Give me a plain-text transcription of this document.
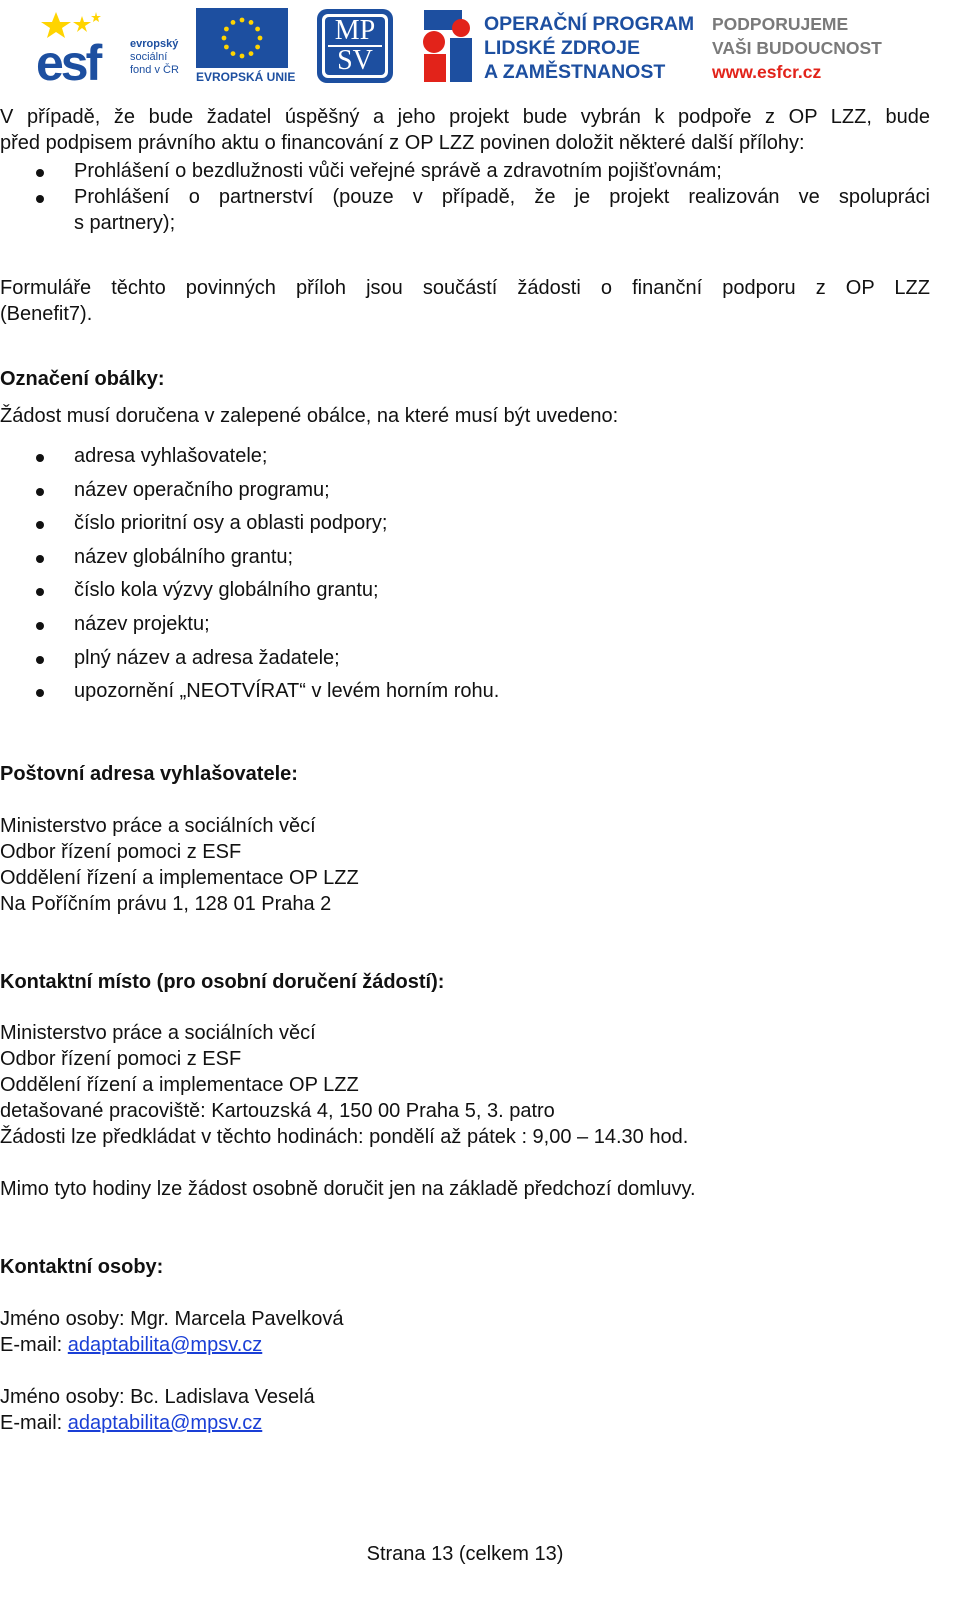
esf	evropský
sociální
fond v ČR EVROPSKÁ UNIE
MP
SV
OPERAČNÍ PROGRAM
LIDSKÉ ZDROJE
A ZAMĚSTNANOST
PODPORUJEME
VAŠI BUDOUCNOST
www.esfcr.cz
V případě, že bude žadatel úspěšný a jeho projekt bude vybrán k podpoře z OP LZZ, bude
před podpisem právního aktu o financování z OP LZZ povinen doložit některé další přílohy:
Prohlášení o bezdlužnosti vůči veřejné správě a zdravotním pojišťovnám;
Prohlášení o partnerství (pouze v případě, že je projekt realizován ve spolupráci
s partnery);
Formuláře těchto povinných příloh jsou součástí žádosti o finanční podporu z OP LZZ
(Benefit7).
Označení obálky:
Žádost musí doručena v zalepené obálce, na které musí být uvedeno:
adresa vyhlašovatele;
název operačního programu;
číslo prioritní osy a oblasti podpory;
název globálního grantu;
číslo kola výzvy globálního grantu;
název projektu;
plný název a adresa žadatele;
upozornění „NEOTVÍRAT“ v levém horním rohu.
Poštovní adresa vyhlašovatele:
Ministerstvo práce a sociálních věcí
Odbor řízení pomoci z ESF
Oddělení řízení a implementace OP LZZ
Na Poříčním právu 1, 128 01 Praha 2
Kontaktní místo (pro osobní doručení žádostí):
Ministerstvo práce a sociálních věcí
Odbor řízení pomoci z ESF
Oddělení řízení a implementace OP LZZ
detašované pracoviště: Kartouzská 4, 150 00 Praha 5, 3. patro
Žádosti lze předkládat v těchto hodinách: pondělí až pátek : 9,00 – 14.30 hod.
Mimo tyto hodiny lze žádost osobně doručit jen na základě předchozí domluvy.
Kontaktní osoby:
Jméno osoby: Mgr. Marcela Pavelková
E-mail: adaptabilita@mpsv.cz
Jméno osoby: Bc. Ladislava Veselá
E-mail: adaptabilita@mpsv.cz
Strana 13 (celkem 13)
